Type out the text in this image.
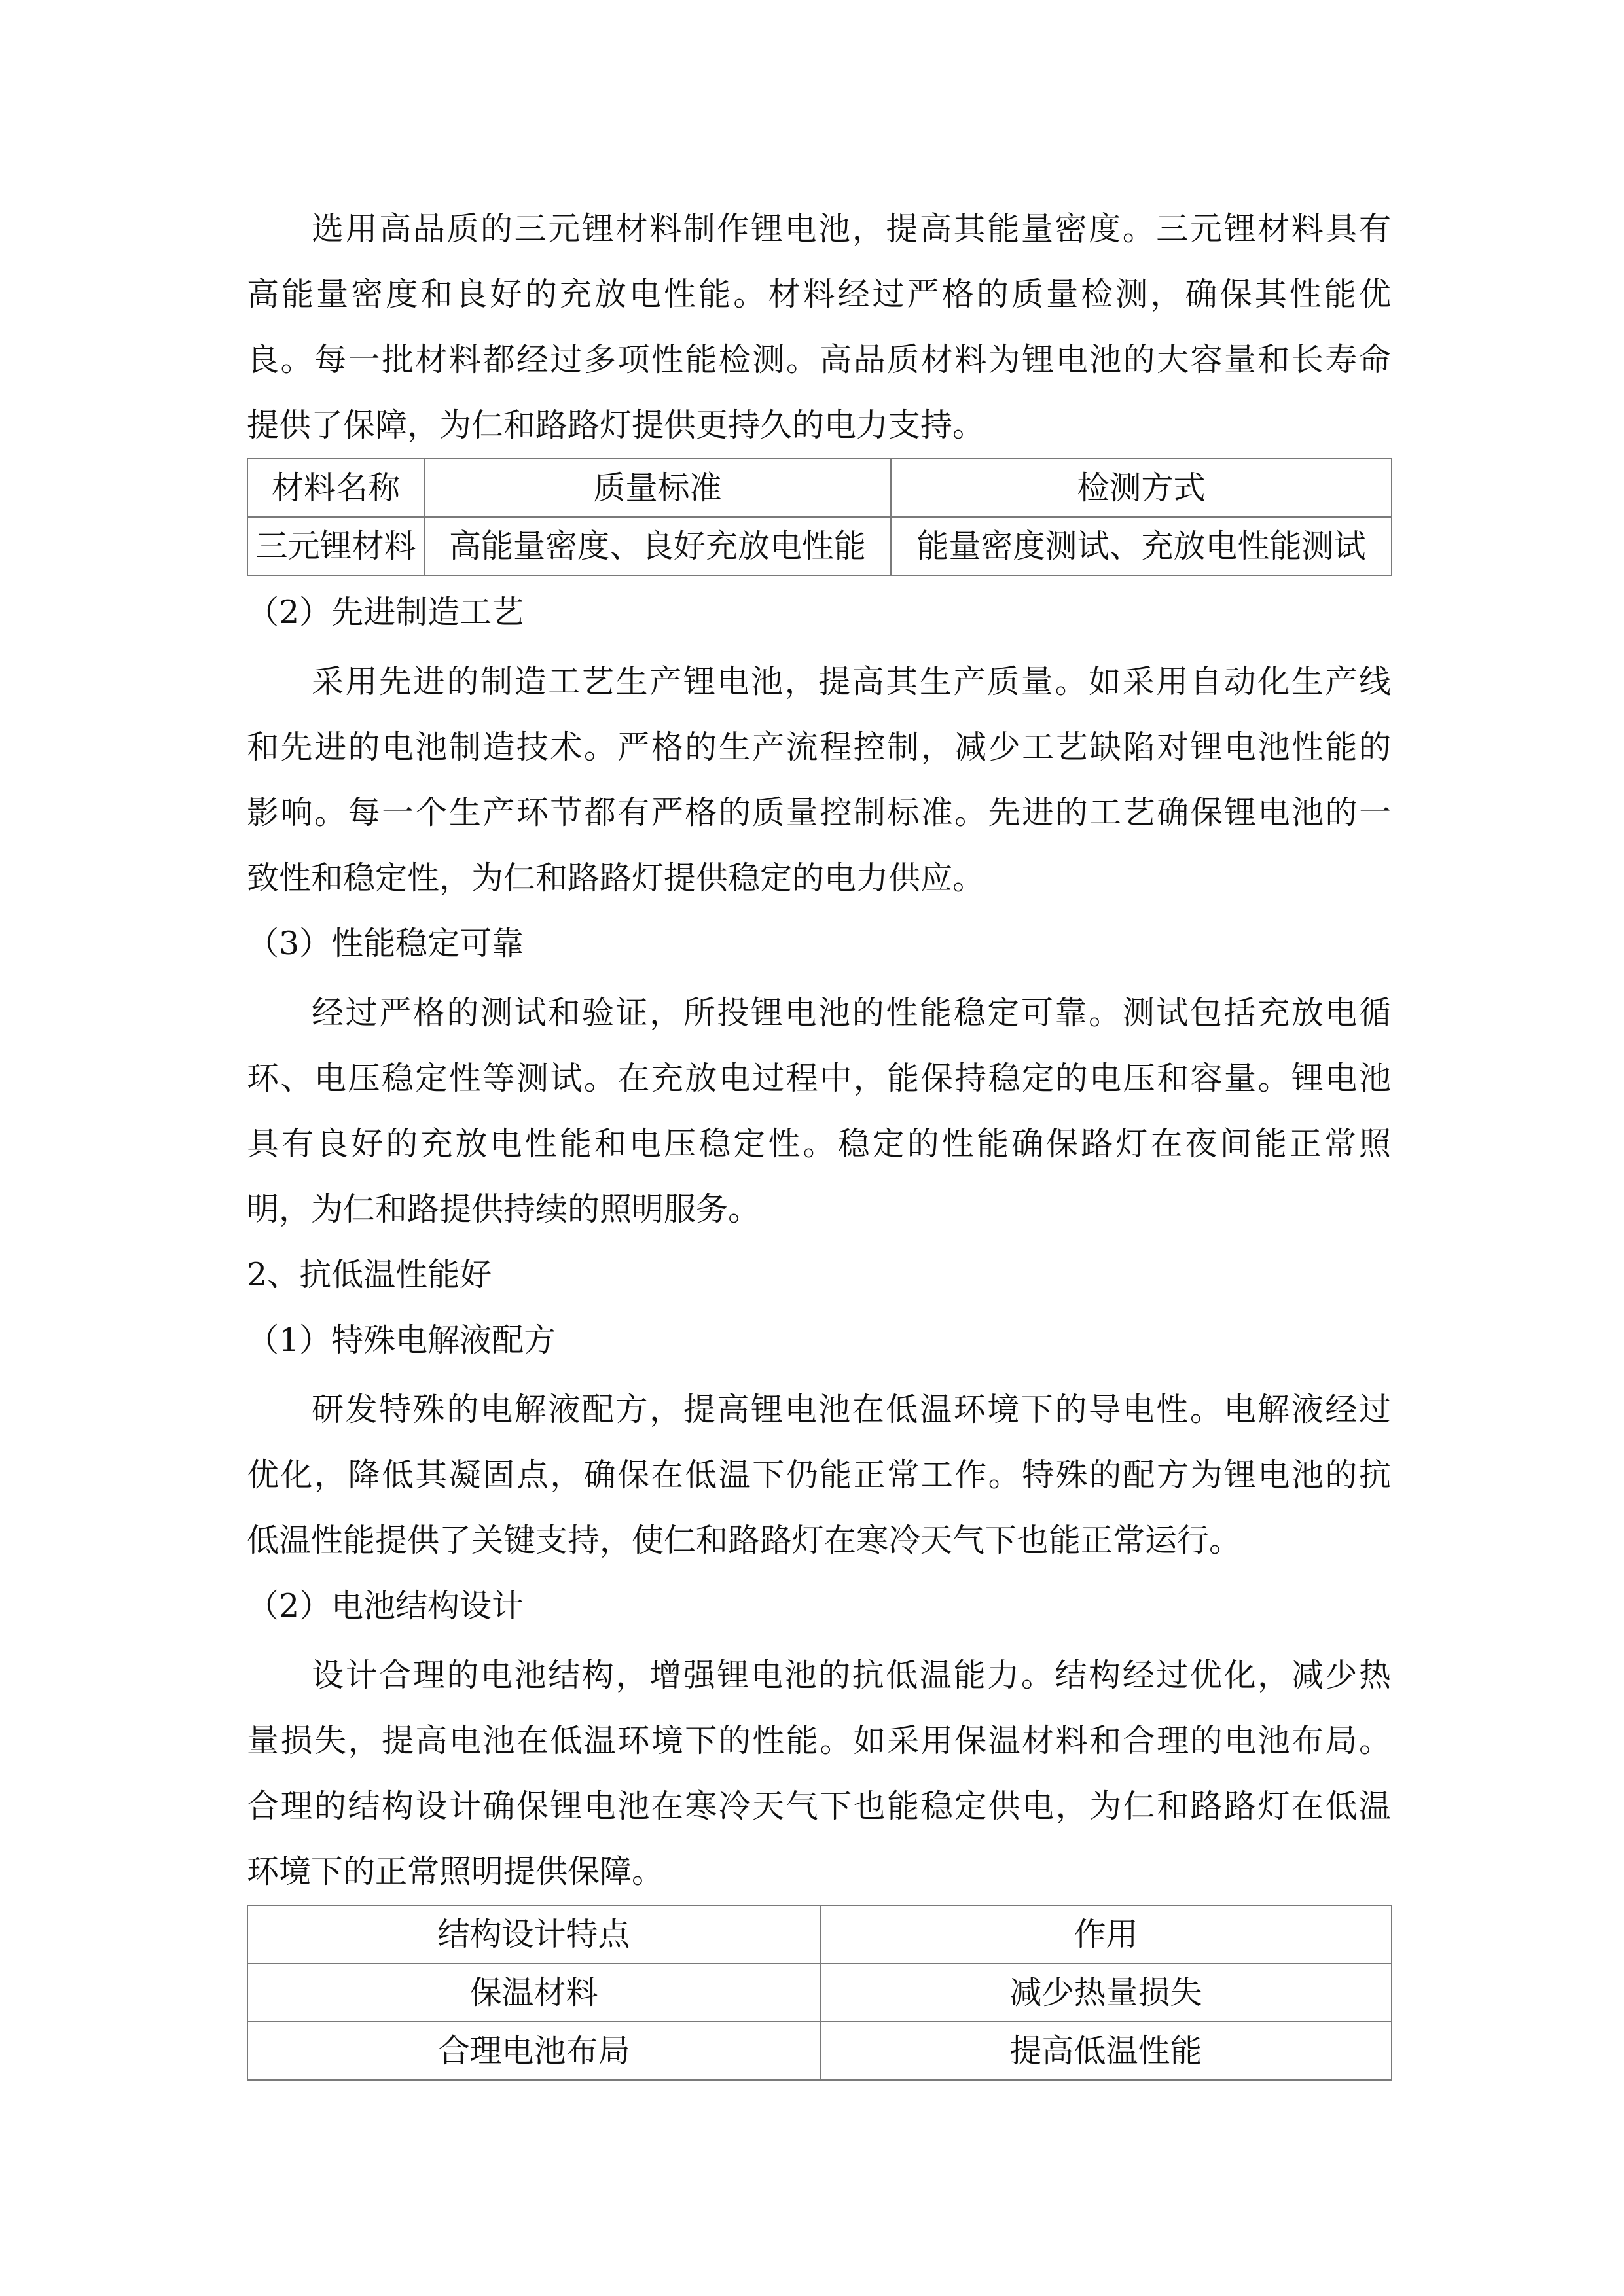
选用高品质的三元锂材料制作锂电池，提高其能量密度。三元锂材料具有
高能量密度和良好的充放电性能。材料经过严格的质量检测，确保其性能优
良。每一批材料都经过多项性能检测。高品质材料为锂电池的大容量和长寿命
提供了保障，为仁和路路灯提供更持久的电力支持。
材料名称	质量标准	检测方式
三元锂材料	高能量密度、良好充放电性能	能量密度测试、充放电性能测试
（2）先进制造工艺
采用先进的制造工艺生产锂电池，提高其生产质量。如采用自动化生产线
和先进的电池制造技术。严格的生产流程控制，减少工艺缺陷对锂电池性能的
影响。每一个生产环节都有严格的质量控制标准。先进的工艺确保锂电池的一
致性和稳定性，为仁和路路灯提供稳定的电力供应。
（3）性能稳定可靠
经过严格的测试和验证，所投锂电池的性能稳定可靠。测试包括充放电循
环、电压稳定性等测试。在充放电过程中，能保持稳定的电压和容量。锂电池
具有良好的充放电性能和电压稳定性。稳定的性能确保路灯在夜间能正常照
明，为仁和路提供持续的照明服务。
2、抗低温性能好
（1）特殊电解液配方
研发特殊的电解液配方，提高锂电池在低温环境下的导电性。电解液经过
优化，降低其凝固点，确保在低温下仍能正常工作。特殊的配方为锂电池的抗
低温性能提供了关键支持，使仁和路路灯在寒冷天气下也能正常运行。
（2）电池结构设计
设计合理的电池结构，增强锂电池的抗低温能力。结构经过优化，减少热
量损失，提高电池在低温环境下的性能。如采用保温材料和合理的电池布局。
合理的结构设计确保锂电池在寒冷天气下也能稳定供电，为仁和路路灯在低温
环境下的正常照明提供保障。
结构设计特点	作用
保温材料	减少热量损失
合理电池布局	提高低温性能
